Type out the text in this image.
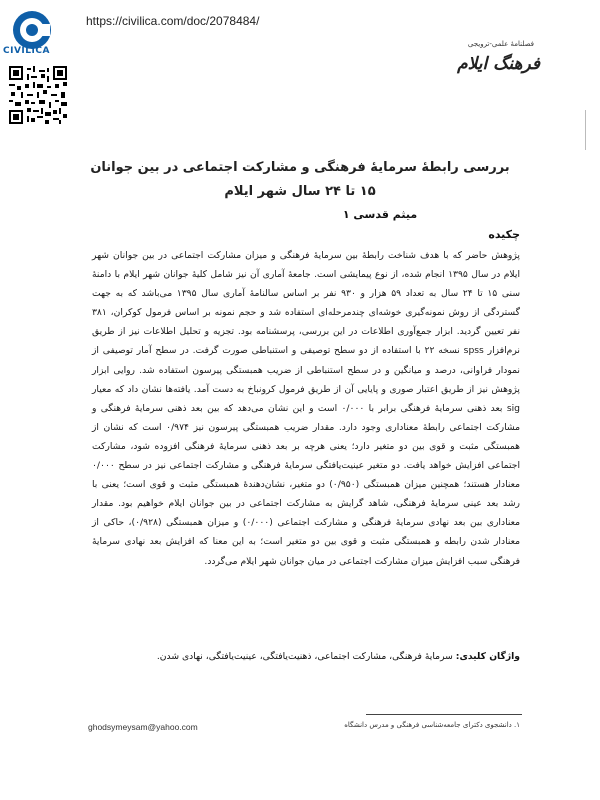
CIVILICA
https://civilica.com/doc/2078484/
فصلنامهٔ علمی-ترویجی
فرهنگ ایلام
بررسی رابطهٔ سرمایهٔ فرهنگی و مشارکت اجتماعی در بین جوانان
۱۵ تا ۲۴ سال شهر ایلام
میثم قدسی ۱
چکیده
پژوهش حاضر که با هدف شناخت رابطهٔ بین سرمایهٔ فرهنگی و میزان مشارکت اجتماعی در بین جوانان شهر ایلام در سال ۱۳۹۵ انجام شده، از نوع پیمایشی است. جامعهٔ آماری آن نیز شامل کلیهٔ جوانان شهر ایلام با دامنهٔ سنی ۱۵ تا ۲۴ سال به تعداد ۵۹ هزار و ۹۳۰ نفر بر اساس سالنامهٔ آماری سال ۱۳۹۵ می‌باشد که به جهت گستردگی از روش نمونه‌گیری خوشه‌ای چندمرحله‌ای استفاده شد و حجم نمونه بر اساس فرمول کوکران، ۳۸۱ نفر تعیین گردید. ابزار جمع‌آوری اطلاعات در این بررسی، پرسشنامه بود. تجزیه و تحلیل اطلاعات نیز از طریق نرم‌افزار spss نسخه ۲۲ با استفاده از دو سطح توصیفی و استنباطی صورت گرفت. در سطح آمار توصیفی از نمودار فراوانی، درصد و میانگین و در سطح استنباطی از ضریب همبستگی پیرسون استفاده شد. روایی ابزار پژوهش نیز از طریق اعتبار صوری و پایایی آن از طریق فرمول کرونباخ به دست آمد. یافته‌ها نشان داد که معیار sig بعد ذهنی سرمایهٔ فرهنگی برابر با ۰/۰۰۰ است و این نشان می‌دهد که بین بعد ذهنی سرمایهٔ فرهنگی و مشارکت اجتماعی رابطهٔ معناداری وجود دارد. مقدار ضریب همبستگی پیرسون نیز ۰/۹۷۴ است که نشان از همبستگی مثبت و قوی بین دو متغیر دارد؛ یعنی هرچه بر بعد ذهنی سرمایهٔ فرهنگی افزوده شود، مشارکت اجتماعی افزایش خواهد یافت. دو متغیر عینیت‌یافتگی سرمایهٔ فرهنگی و مشارکت اجتماعی نیز در سطح ۰/۰۰۰ معنادار هستند؛ همچنین میزان همبستگی (۰/۹۵۰) دو متغیر، نشان‌دهندهٔ همبستگی مثبت و قوی است؛ یعنی با رشد بعد عینی سرمایهٔ فرهنگی، شاهد گرایش به مشارکت اجتماعی در بین جوانان ایلام خواهیم بود. مقدار معناداری بین بعد نهادی سرمایهٔ فرهنگی و مشارکت اجتماعی (۰/۰۰۰) و میزان همبستگی (۰/۹۲۸)، حاکی از معنادار شدن رابطه و همبستگی مثبت و قوی بین دو متغیر است؛ به این معنا که افزایش بعد نهادی سرمایهٔ فرهنگی سبب افزایش میزان مشارکت اجتماعی در میان جوانان شهر ایلام می‌گردد.
واژگان کلیدی: سرمایهٔ فرهنگی، مشارکت اجتماعی، ذهنیت‌یافتگی، عینیت‌یافتگی، نهادی شدن.
۱. دانشجوی دکترای جامعه‌شناسی فرهنگی و مدرس دانشگاه
ghodsymeysam@yahoo.com
